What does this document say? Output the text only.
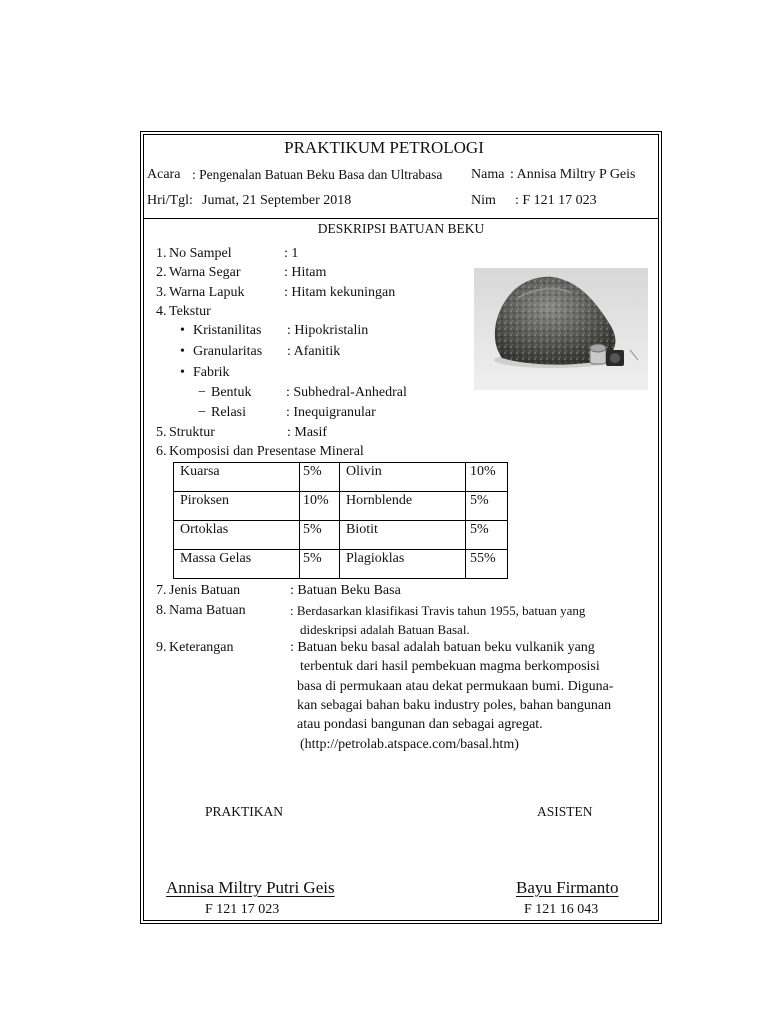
PRAKTIKUM PETROLOGI
Acara : Pengenalan Batuan Beku Basa dan Ultrabasa Nama : Annisa Miltry P Geis
Hri/Tgl: Jumat, 21 September 2018	Nim : F 121 17 023
DESKRIPSI BATUAN BEKU
1. No Sampel	: 1
2. Warna Segar	: Hitam
3. Warna Lapuk	: Hitam kekuningan
4. Tekstur
• Kristanilitas : Hipokristalin
• Granularitas : Afanitik
• Fabrik
− Bentuk : Subhedral-Anhedral
− Relasi	: Inequigranular
5. Struktur	: Masif
6. Komposisi dan Presentase Mineral
Kuarsa	5%	Olivin	10%
Piroksen	10%	Hornblende	5%
Ortoklas	5%	Biotit	5%
Massa Gelas	5%	Plagioklas	55%
7. Jenis Batuan	: Batuan Beku Basa
8. Nama Batuan	: Berdasarkan klasifikasi Travis tahun 1955, batuan yang
dideskripsi adalah Batuan Basal.
9. Keterangan	: Batuan beku basal adalah batuan beku vulkanik yang
terbentuk dari hasil pembekuan magma berkomposisi
basa di permukaan atau dekat permukaan bumi. Diguna-
kan sebagai bahan baku industry poles, bahan bangunan
atau pondasi bangunan dan sebagai agregat.
(http://petrolab.atspace.com/basal.htm)
PRAKTIKAN	ASISTEN
Annisa Miltry Putri Geis	Bayu Firmanto
F 121 17 023	F 121 16 043
